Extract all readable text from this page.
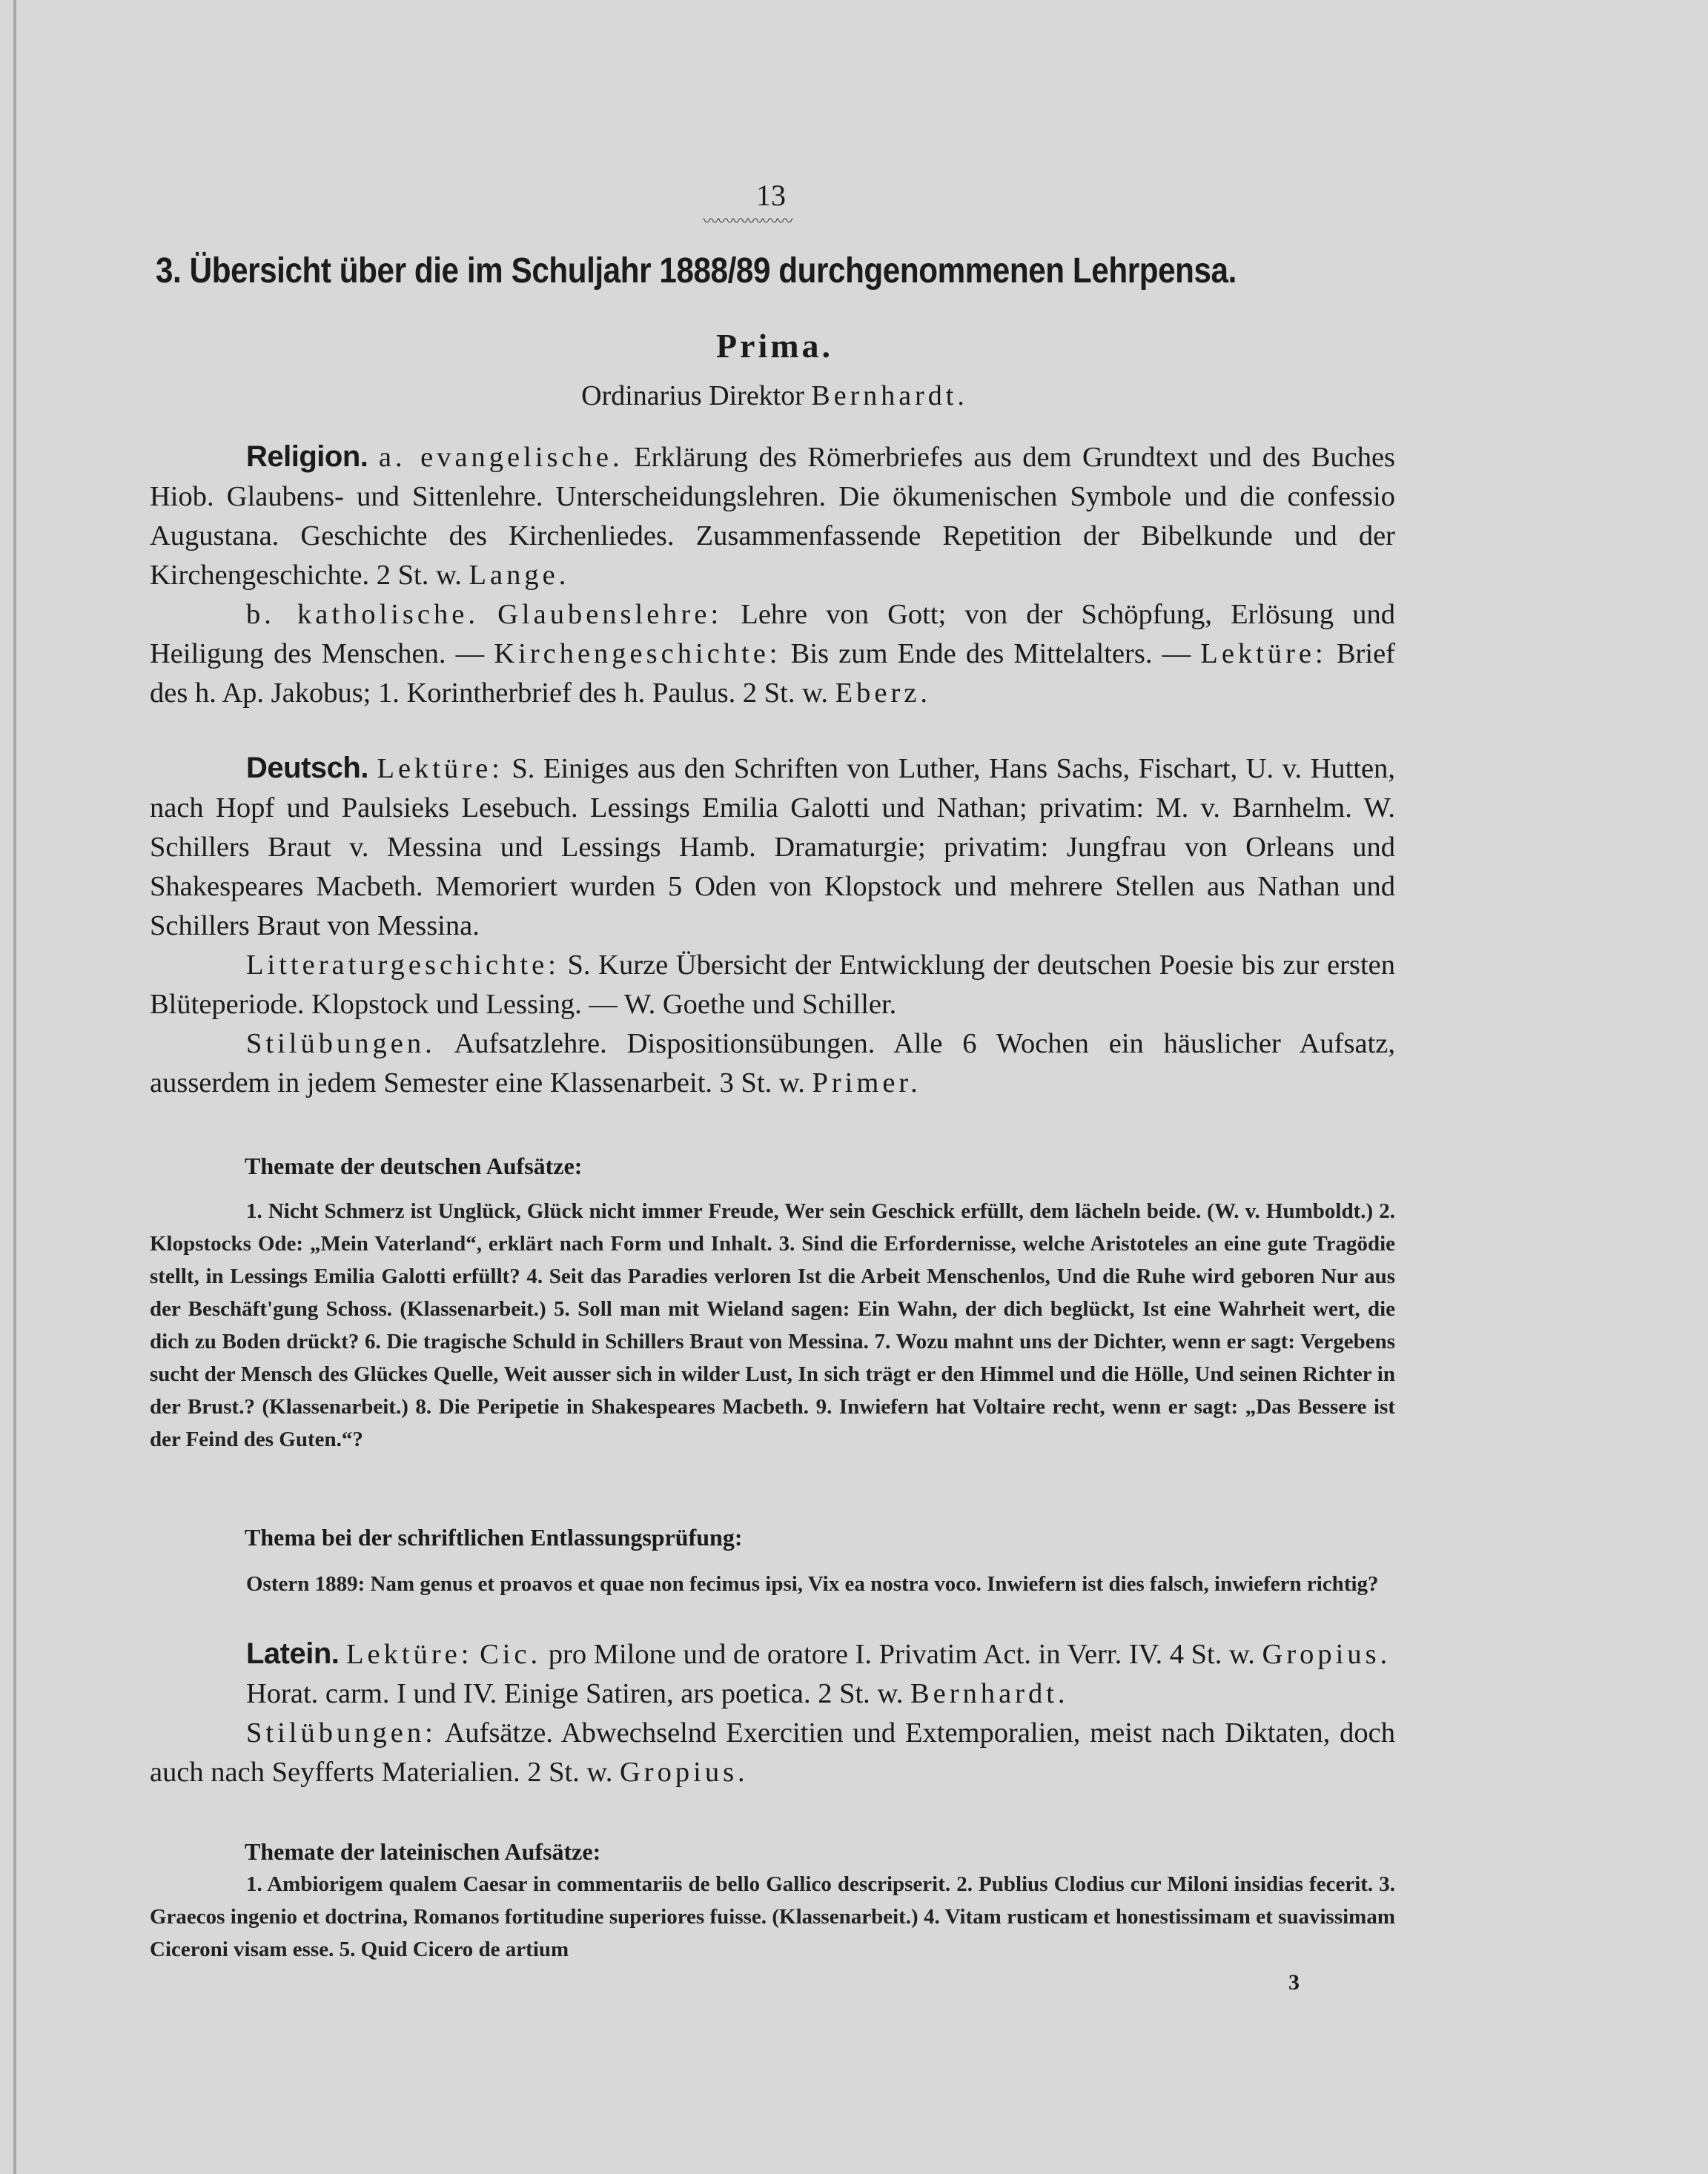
13
〰〰〰〰〰〰
3. Übersicht über die im Schuljahr 1888/89 durchgenommenen Lehrpensa.
Prima.
Ordinarius Direktor Bernhardt.

Religion. a. evangelische. Erklärung des Römerbriefes aus dem Grundtext und des Buches Hiob. Glaubens- und Sittenlehre. Unterscheidungslehren. Die ökumenischen Symbole und die confessio Augustana. Geschichte des Kirchenliedes. Zusammenfassende Repetition der Bibelkunde und der Kirchengeschichte. 2 St. w. Lange.

b. katholische. Glaubenslehre: Lehre von Gott; von der Schöpfung, Erlösung und Heiligung des Menschen. — Kirchengeschichte: Bis zum Ende des Mittelalters. — Lektüre: Brief des h. Ap. Jakobus; 1. Korintherbrief des h. Paulus. 2 St. w. Eberz.

Deutsch. Lektüre: S. Einiges aus den Schriften von Luther, Hans Sachs, Fischart, U. v. Hutten, nach Hopf und Paulsieks Lesebuch. Lessings Emilia Galotti und Nathan; privatim: M. v. Barnhelm. W. Schillers Braut v. Messina und Lessings Hamb. Dramaturgie; privatim: Jungfrau von Orleans und Shakespeares Macbeth. Memoriert wurden 5 Oden von Klopstock und mehrere Stellen aus Nathan und Schillers Braut von Messina.

Litteraturgeschichte: S. Kurze Übersicht der Entwicklung der deutschen Poesie bis zur ersten Blüteperiode. Klopstock und Lessing. — W. Goethe und Schiller.

Stilübungen. Aufsatzlehre. Dispositionsübungen. Alle 6 Wochen ein häuslicher Aufsatz, ausserdem in jedem Semester eine Klassenarbeit. 3 St. w. Primer.

Themate der deutschen Aufsätze:

1. Nicht Schmerz ist Unglück, Glück nicht immer Freude, Wer sein Geschick erfüllt, dem lächeln beide. (W. v. Humboldt.) 2. Klopstocks Ode: „Mein Vaterland“, erklärt nach Form und Inhalt. 3. Sind die Erfordernisse, welche Aristoteles an eine gute Tragödie stellt, in Lessings Emilia Galotti erfüllt? 4. Seit das Paradies verloren Ist die Arbeit Menschenlos, Und die Ruhe wird geboren Nur aus der Beschäft'gung Schoss. (Klassenarbeit.) 5. Soll man mit Wieland sagen: Ein Wahn, der dich beglückt, Ist eine Wahrheit wert, die dich zu Boden drückt? 6. Die tragische Schuld in Schillers Braut von Messina. 7. Wozu mahnt uns der Dichter, wenn er sagt: Vergebens sucht der Mensch des Glückes Quelle, Weit ausser sich in wilder Lust, In sich trägt er den Himmel und die Hölle, Und seinen Richter in der Brust.? (Klassenarbeit.) 8. Die Peripetie in Shakespeares Macbeth. 9. Inwiefern hat Voltaire recht, wenn er sagt: „Das Bessere ist der Feind des Guten.“?

Thema bei der schriftlichen Entlassungsprüfung:

Ostern 1889: Nam genus et proavos et quae non fecimus ipsi, Vix ea nostra voco. Inwiefern ist dies falsch, inwiefern richtig?

Latein. Lektüre: Cic. pro Milone und de oratore I. Privatim Act. in Verr. IV. 4 St. w. Gropius.

Horat. carm. I und IV. Einige Satiren, ars poetica. 2 St. w. Bernhardt.

Stilübungen: Aufsätze. Abwechselnd Exercitien und Extemporalien, meist nach Diktaten, doch auch nach Seyfferts Materialien. 2 St. w. Gropius.

Themate der lateinischen Aufsätze:

1. Ambiorigem qualem Caesar in commentariis de bello Gallico descripserit. 2. Publius Clodius cur Miloni insidias fecerit. 3. Graecos ingenio et doctrina, Romanos fortitudine superiores fuisse. (Klassenarbeit.) 4. Vitam rusticam et honestissimam et suavissimam Ciceroni visam esse. 5. Quid Cicero de artium

3
